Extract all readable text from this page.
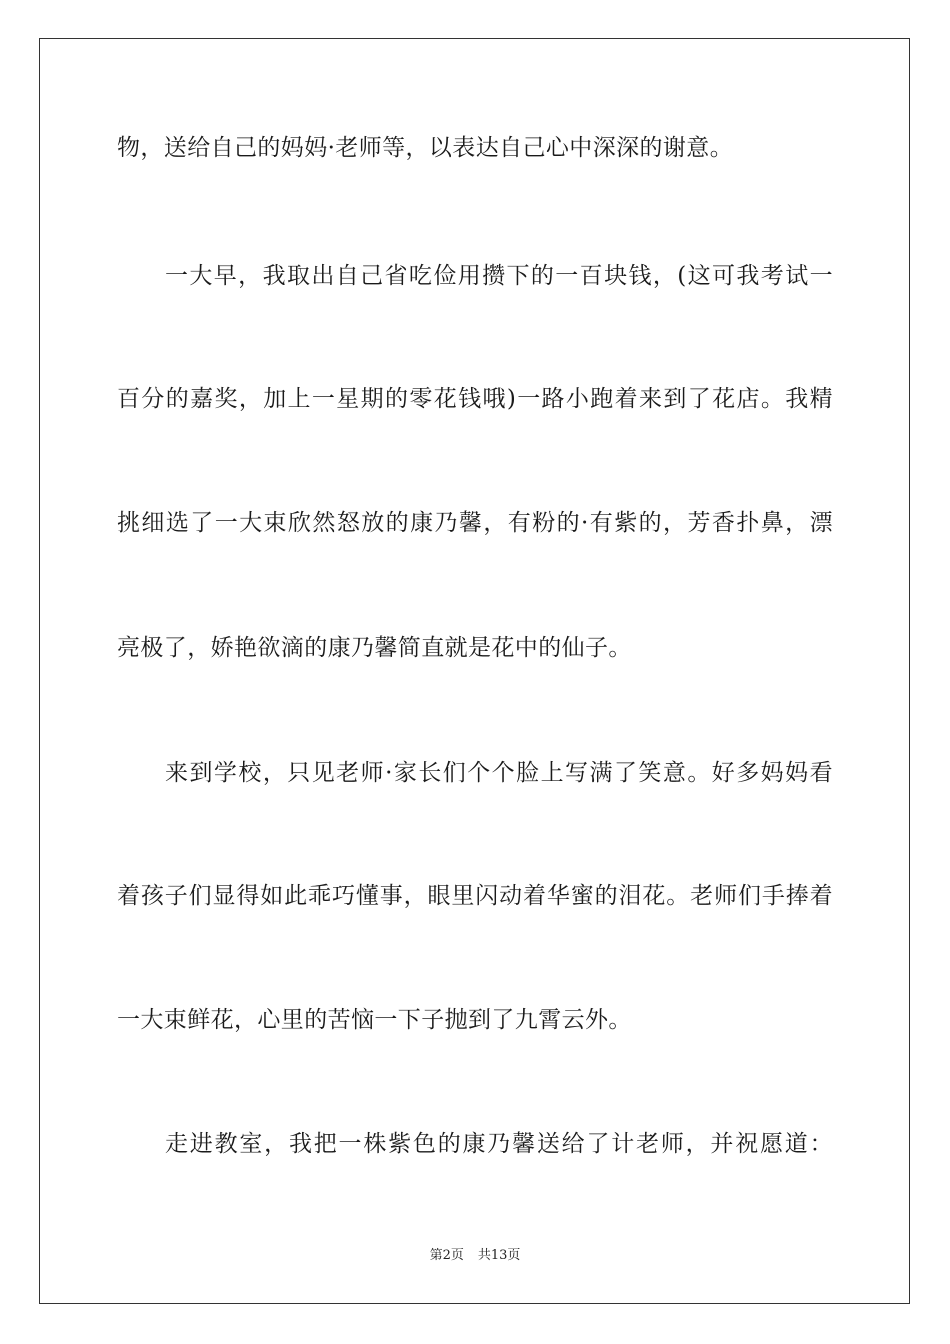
物，送给自己的妈妈·老师等，以表达自己心中深深的谢意。
一大早，我取出自己省吃俭用攒下的一百块钱，(这可我考试一
百分的嘉奖，加上一星期的零花钱哦)一路小跑着来到了花店。我精
挑细选了一大束欣然怒放的康乃馨，有粉的·有紫的，芳香扑鼻，漂
亮极了，娇艳欲滴的康乃馨简直就是花中的仙子。
来到学校，只见老师·家长们个个脸上写满了笑意。好多妈妈看
着孩子们显得如此乖巧懂事，眼里闪动着华蜜的泪花。老师们手捧着
一大束鲜花，心里的苦恼一下子抛到了九霄云外。
走进教室，我把一株紫色的康乃馨送给了计老师，并祝愿道：
第2页 共13页
